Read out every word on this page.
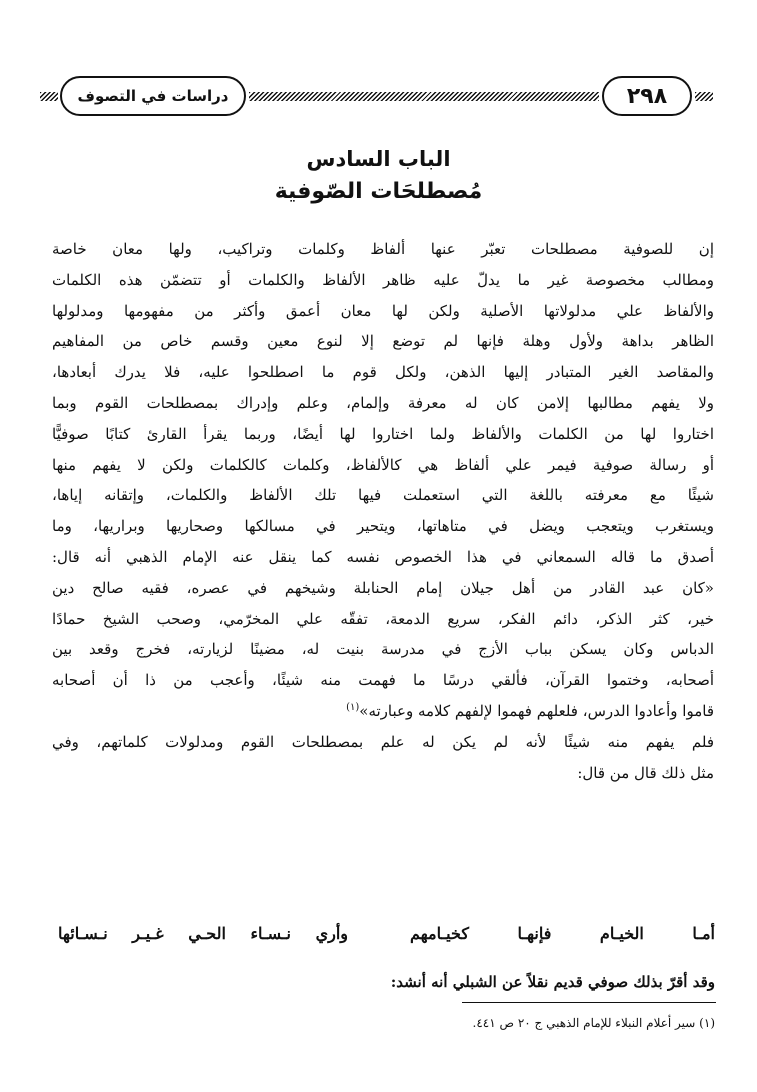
دراسات في التصوف	٢٩٨
الباب السادس
مُصطلحَات الصّوفية
إن للصوفية مصطلحات تعبّر عنها ألفاظ وكلمات وتراكيب، ولها معان خاصة
ومطالب مخصوصة غير ما يدلّ عليه ظاهر الألفاظ والكلمات أو تتضمّن هذه الكلمات
والألفاظ علي مدلولاتها الأصلية ولكن لها معان أعمق وأكثر من مفهومها ومدلولها
الظاهر بداهة ولأول وهلة فإنها لم توضع إلا لنوع معين وقسم خاص من المفاهيم
والمقاصد الغير المتبادر إليها الذهن، ولكل قوم ما اصطلحوا عليه، فلا يدرك أبعادها،
ولا يفهم مطالبها إلامن كان له معرفة وإلمام، وعلم وإدراك بمصطلحات القوم وبما
اختاروا لها من الكلمات والألفاظ ولما اختاروا لها أيضًا، وربما يقرأ القارئ كتابًا صوفيًّا
أو رسالة صوفية فيمر علي ألفاظ هي كالألفاظ، وكلمات كالكلمات ولكن لا يفهم منها
شيئًا مع معرفته باللغة التي استعملت فيها تلك الألفاظ والكلمات، وإتقانه إياها،
ويستغرب ويتعجب ويضل في متاهاتها، ويتحير في مسالكها وصحاريها وبراريها، وما
أصدق ما قاله السمعاني في هذا الخصوص نفسه كما ينقل عنه الإمام الذهبي أنه قال:
«كان عبد القادر من أهل جيلان إمام الحنابلة وشيخهم في عصره، فقيه صالح دين
خير، كثر الذكر، دائم الفكر، سريع الدمعة، تفقّه علي المخرّمي، وصحب الشيخ حمادًا
الدباس وكان يسكن بباب الأزج في مدرسة بنيت له، مضينًا لزيارته، فخرج وقعد بين
أصحابه، وختموا القرآن، فألقي درسًا ما فهمت منه شيئًا، وأعجب من ذا أن أصحابه
قاموا وأعادوا الدرس، فلعلهم فهموا لإلفهم كلامه وعبارته»$^{(١)}$
فلم يفهم منه شيئًا لأنه لم يكن له علم بمصطلحات القوم ومدلولات كلماتهم، وفي
مثل ذلك قال من قال:
أمـا الخيـام فإنهـا كخيـامهم
وأري نـسـاء الحـي غـيـر نـسـائها
وقد أقرّ بذلك صوفي قديم نقلاً عن الشبلي أنه أنشد:
(١) سير أعلام النبلاء للإمام الذهبي ج ٢٠ ص ٤٤١.
